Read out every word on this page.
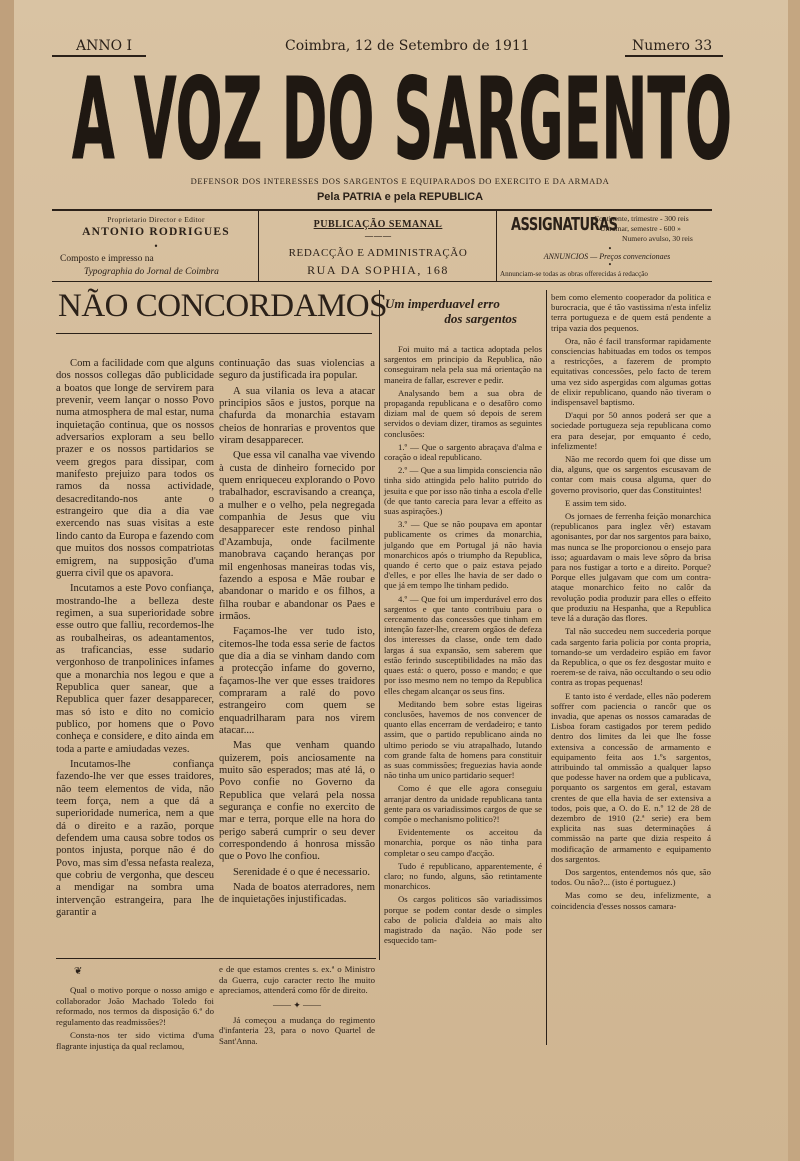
ANNO I	Coimbra, 12 de Setembro de 1911	Numero 33
A VOZ DO SARGENTO
DEFENSOR DOS INTERESSES DOS SARGENTOS E EQUIPARADOS DO EXERCITO E DA ARMADA
Pela PATRIA e pela REPUBLICA
Proprietario Director e Editor
ANTONIO RODRIGUES
•
Composto e impresso na
Typographia do Jornal de Coimbra
PUBLICAÇÃO SEMANAL
———
REDACÇÃO E ADMINISTRAÇÃO
RUA DA SOPHIA, 168
ASSIGNATURAS
Continente, trimestre - 300 reis
Ultramar, semestre - 600 »
Numero avulso, 30 reis
•
ANNUNCIOS — Preços convencionaes
•
Annunciam-se todas as obras offerecidas á redacção
NÃO CONCORDAMOS

Com a facilidade com que alguns dos nossos collegas dão publicidade a boatos que longe de servirem para prevenir, veem lançar o nosso Povo numa atmosphera de mal estar, numa inquietação continua, que os nossos adversarios exploram a seu bello prazer e os nossos partidarios se veem gregos para dissipar, com manifesto prejuizo para todos os ramos da nossa actividade, desacreditando-nos ante o estrangeiro que dia a dia vae exercendo nas suas visitas a este lindo canto da Europa e fazendo com que muitos dos nossos compatriotas emigrem, na supposição d'uma guerra civil que os apavora.

Incutamos a este Povo confiança, mostrando-lhe a belleza deste regimen, a sua superioridade sobre esse outro que falliu, recordemos-lhe as roubalheiras, os adeantamentos, as traficancias, esse sudario vergonhoso de tranpolinices infames que a monarchia nos legou e que a Republica quer sanear, que a Republica quer fazer desapparecer, mas só isto e dito no comicio publico, por homens que o Povo conheça e considere, e dito ainda em toda a parte e amiudadas vezes.

Incutamos-lhe confiança fazendo-lhe ver que esses traidores, não teem elementos de vida, não teem força, nem a que dá a superioridade numerica, nem a que dá o direito e a razão, porque defendem uma causa sobre todos os pontos injusta, porque não é do Povo, mas sim d'essa nefasta realeza, que cobriu de vergonha, que desceu a mendigar na sombra uma intervenção estrangeira, para lhe garantir a

continuação das suas violencias a seguro da justificada ira popular.

A sua vilania os leva a atacar principios sãos e justos, porque na chafurda da monarchia estavam cheios de honrarias e proventos que viram desapparecer.

Que essa vil canalha vae vivendo à custa de dinheiro fornecido por quem enriqueceu explorando o Povo trabalhador, escravisando a creança, a mulher e o velho, pela negregada companhia de Jesus que viu desapparecer este rendoso pinhal d'Azambuja, onde facilmente manobrava caçando heranças por mil engenhosas maneiras todas vis, fazendo a esposa e Mãe roubar e abandonar o marido e os filhos, a filha roubar e abandonar os Paes e irmãos.

Façamos-lhe ver tudo isto, citemos-lhe toda essa serie de factos que dia a dia se vinham dando com a protecção infame do governo, façamos-lhe ver que esses traidores compraram a ralé do povo estrangeiro com quem se enquadrilharam para nos virem atacar....

Mas que venham quando quizerem, pois anciosamente na muito são esperados; mas até lá, o Povo confie no Governo da Republica que velará pela nossa segurança e confie no exercito de mar e terra, porque elle na hora do perigo saberá cumprir o seu dever correspondendo á honrosa missão que o Povo lhe confiou.

Serenidade é o que é necessario.

Nada de boatos aterradores, nem de inquietações injustificadas.

Um imperduavel erro
dos sargentos

Foi muito má a tactica adoptada pelos sargentos em principio da Republica, não conseguiram nela pela sua má orientação na maneira de fallar, escrever e pedir.

Analysando bem a sua obra de propaganda republicana e o desafôro como diziam mal de quem só depois de serem servidos o deviam dizer, tiramos as seguintes conclusões:

1.º — Que o sargento abraçava d'alma e coração o ideal republicano.

2.º — Que a sua limpida consciencia não tinha sido attingida pelo halito putrido do jesuita e que por isso não tinha a escola d'elle (de que tanto carecia para levar a effeito as suas aspirações.)

3.º — Que se não poupava em apontar publicamente os crimes da monarchia, julgando que em Portugal já não havia monarchicos após o triumpho da Republica, quando é certo que o paiz estava pejado d'elles, e por elles lhe havia de ser dado o que já em tempo lhe tinham pedido.

4.º — Que foi um imperdurável erro dos sargentos e que tanto contribuiu para o cerceamento das concessões que tinham em intenção fazer-lhe, crearem orgãos de defeza dos interesses da classe, onde tem dado largas á sua expansão, sem saberem que estão ferindo susceptibilidades na mão das quaes está: o quero, posso e mando; e que por isso mesmo nem no tempo da Republica elles chegam alcançar os seus fins.

Meditando bem sobre estas ligeiras conclusões, havemos de nos convencer de quanto ellas encerram de verdadeiro; e tanto assim, que o partido republicano ainda no ultimo periodo se viu atrapalhado, lutando com grande falta de homens para constituir as suas commissões; freguezias havia aonde não tinha um unico partidario sequer!

Como é que elle agora conseguiu arranjar dentro da unidade republicana tanta gente para os variadissimos cargos de que se compõe o mechanismo politico?!

Evidentemente os acceitou da monarchia, porque os não tinha para completar o seu campo d'acção.

Tudo é republicano, apparentemente, é claro; no fundo, alguns, são retintamente monarchicos.

Os cargos politicos são variadissimos porque se podem contar desde o simples cabo de policia d'aldeia ao mais alto magistrado da nação. Não pode ser esquecido tam-

bem como elemento cooperador da politica e burocracia, que é tão vastissima n'esta infeliz terra portugueza e de quem está pendente a tripa vazia dos pequenos.

Ora, não é facil transformar rapidamente consciencias habituadas em todos os tempos a restricções, a fazerem de prompto equitativas concessões, pelo facto de terem uma vez sido aspergidas com algumas gottas de elixir republicano, quando não tiveram o indispensavel baptismo.

D'aqui por 50 annos poderá ser que a sociedade portugueza seja republicana como era para desejar, por emquanto é cedo, infelizmente!

Não me recordo quem foi que disse um dia, alguns, que os sargentos escusavam de contar com mais cousa alguma, quer do governo provisorio, quer das Constituintes!

E assim tem sido.

Os jornaes de ferrenha feição monarchica (republicanos para inglez vêr) estavam agonisantes, por dar nos sargentos para baixo, mas nunca se lhe proporcionou o ensejo para isso; aguardavam o mais leve sôpro da brisa para nos fustigar a torto e a direito. Porque? Porque elles julgavam que com um contra-ataque monarchico feito no calôr da revolução podia produzir para elles o effeito que produziu na Hespanha, que a Republica teve lá a duração das flores.

Tal não succedeu nem succederia porque cada sargento faria policia por conta propria, tornando-se um verdadeiro espião em favor da Republica, o que os fez desgostar muito e roerem-se de raiva, não occultando o seu odio contra as tropas pequenas!

E tanto isto é verdade, elles não poderem soffrer com paciencia o rancôr que os invadia, que apenas os nossos camaradas de Lisboa foram castigados por terem pedido dentro dos limites da lei que lhe fosse extensiva a concessão de armamento e equipamento feita aos 1.ºs sargentos, attribuindo tal ommissão a qualquer lapso que podesse haver na ordem que a publicava, porquanto os sargentos em geral, estavam crentes de que ella havia de ser extensiva a todos, pois que, a O. do E. n.º 12 de 28 de dezembro de 1910 (2.ª serie) era bem explicita nas suas determinações á commissão na parte que dizia respeito á modificação de armamento e equipamento dos sargentos.

Dos sargentos, entendemos nós que, são todos. Ou não?... (isto é portuguez.)

Mas como se deu, infelizmente, a coincidencia d'esses nossos camara-

❦

Qual o motivo porque o nosso amigo e collaborador João Machado Toledo foi reformado, nos termos da disposição 6.ª do regulamento das readmissões?!

Consta-nos ter sido victima d'uma flagrante injustiça da qual reclamou,

e de que estamos crentes s. ex.ª o Ministro da Guerra, cujo caracter recto lhe muito apreciamos, attenderá como fôr de direito.

—— ✦ ——

Já começou a mudança do regimento d'infanteria 23, para o novo Quartel de Sant'Anna.
